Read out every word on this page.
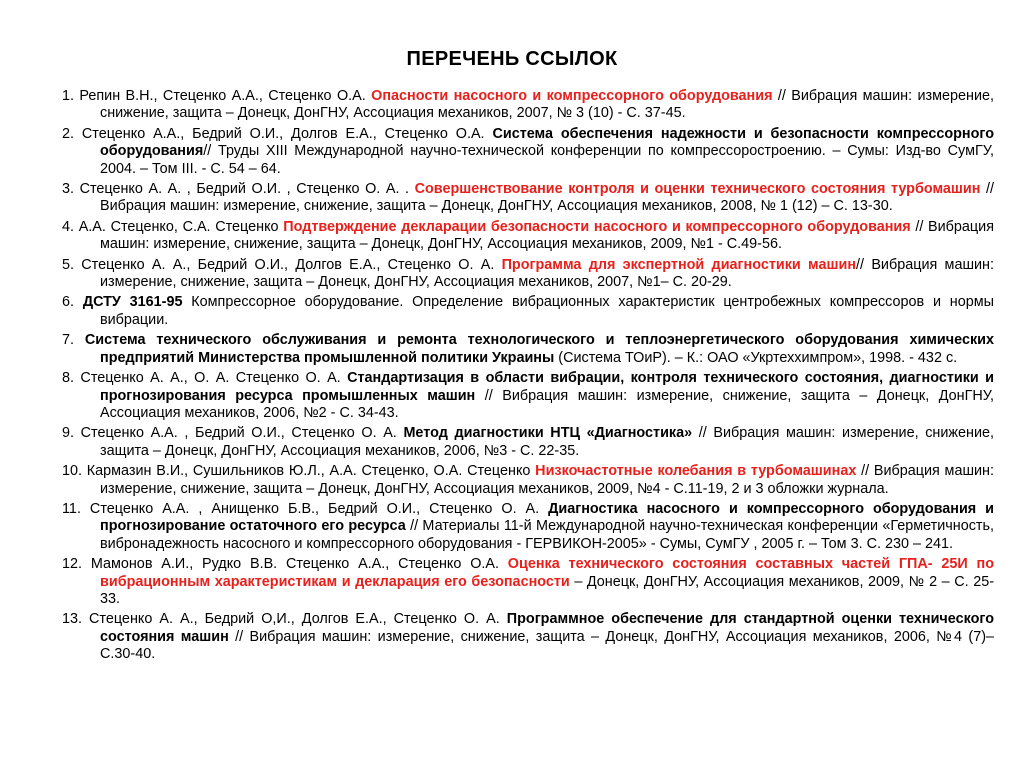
ПЕРЕЧЕНЬ ССЫЛОК

1. Репин В.Н., Стеценко А.А., Стеценко О.А. Опасности насосного и компрессорного оборудования // Вибрация машин: измерение, снижение, защита – Донецк, ДонГНУ, Ассоциация механиков, 2007, № 3 (10) - С. 37-45.

2. Стеценко А.А., Бедрий О.И., Долгов Е.А., Стеценко О.А. Система обеспечения надежности и безопасности компрессорного оборудования// Труды XIII Международной научно-технической конференции по компрессоростроению. – Сумы: Изд-во СумГУ, 2004. – Том III. - С. 54 – 64.

3. Стеценко А. А. , Бедрий О.И. , Стеценко О. А. . Совершенствование контроля и оценки технического состояния турбомашин // Вибрация машин: измерение, снижение, защита – Донецк, ДонГНУ, Ассоциация механиков, 2008, № 1 (12) – С. 13-30.

4. А.А. Стеценко, С.А. Стеценко Подтверждение декларации безопасности насосного и компрессорного оборудования // Вибрация машин: измерение, снижение, защита – Донецк, ДонГНУ, Ассоциация механиков, 2009, №1 - С.49-56.

5. Стеценко А. А., Бедрий О.И., Долгов Е.А., Стеценко О. А. Программа для экспертной диагностики машин// Вибрация машин: измерение, снижение, защита – Донецк, ДонГНУ, Ассоциация механиков, 2007, №1– С. 20-29.

6. ДСТУ 3161-95 Компрессорное оборудование. Определение вибрационных характеристик центробежных компрессоров и нормы вибрации.

7. Система технического обслуживания и ремонта технологического и теплоэнергетического оборудования химических предприятий Министерства промышленной политики Украины (Система ТОиР). – К.: ОАО «Укртеххимпром», 1998. - 432 с.

8. Стеценко А. А., О. А. Стеценко О. А. Стандартизация в области вибрации, контроля технического состояния, диагностики и прогнозирования ресурса промышленных машин // Вибрация машин: измерение, снижение, защита – Донецк, ДонГНУ, Ассоциация механиков, 2006, №2 - С. 34-43.

9. Стеценко А.А. , Бедрий О.И., Стеценко О. А. Метод диагностики НТЦ «Диагностика» // Вибрация машин: измерение, снижение, защита – Донецк, ДонГНУ, Ассоциация механиков, 2006, №3 - С. 22-35.

10. Кармазин В.И., Сушильников Ю.Л., А.А. Стеценко, О.А. Стеценко Низкочастотные колебания в турбомашинах // Вибрация машин: измерение, снижение, защита – Донецк, ДонГНУ, Ассоциация механиков, 2009, №4 - С.11-19, 2 и 3 обложки журнала.

11. Стеценко А.А. , Анищенко Б.В., Бедрий О.И., Стеценко О. А. Диагностика насосного и компрессорного оборудования и прогнозирование остаточного его ресурса // Материалы 11-й Международной научно-техническая конференции «Герметичность, вибронадежность насосного и компрессорного оборудования - ГЕРВИКОН-2005» - Сумы, СумГУ , 2005 г. – Том 3. С. 230 – 241.

12. Мамонов А.И., Рудко В.В. Стеценко А.А., Стеценко О.А. Оценка технического состояния составных частей ГПА- 25И по вибрационным характеристикам и декларация его безопасности – Донецк, ДонГНУ, Ассоциация механиков, 2009, № 2 – С. 25-33.

13. Стеценко А. А., Бедрий О,И., Долгов Е.А., Стеценко О. А. Программное обеспечение для стандартной оценки технического состояния машин // Вибрация машин: измерение, снижение, защита – Донецк, ДонГНУ, Ассоциация механиков, 2006, №4 (7)– С.30-40.
